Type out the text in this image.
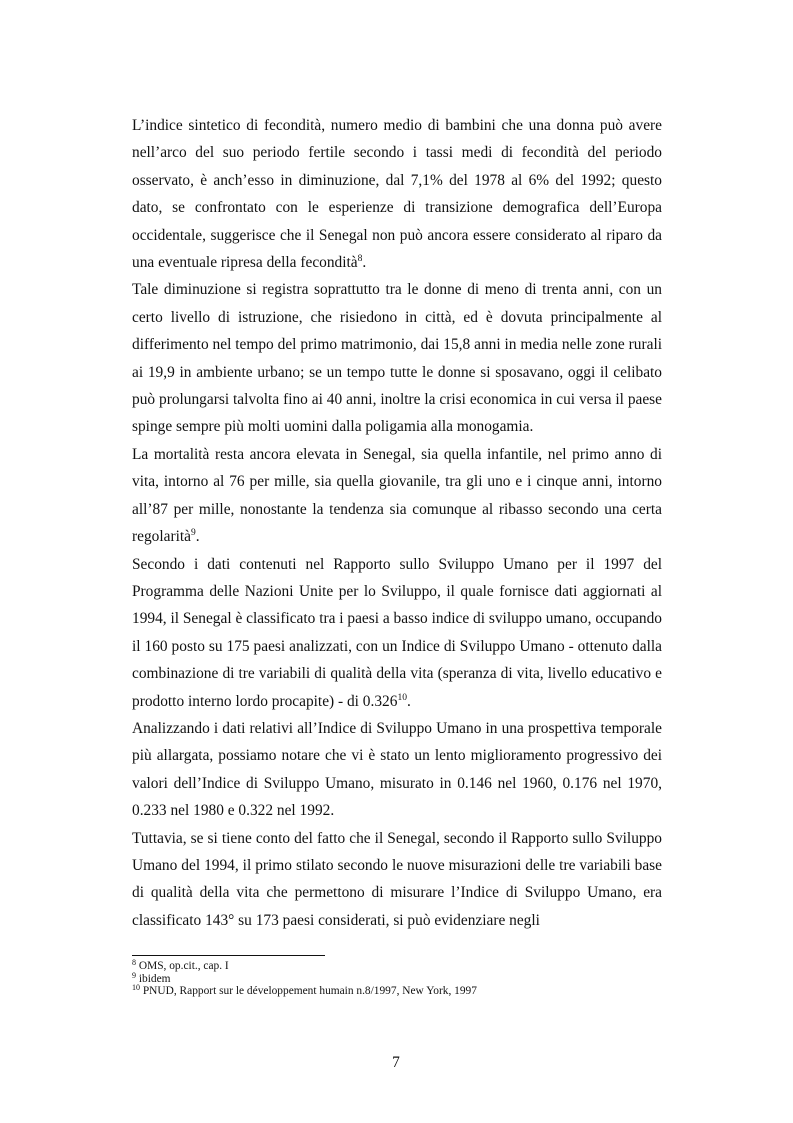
L’indice sintetico di fecondità, numero medio di bambini che una donna può avere nell’arco del suo periodo fertile secondo i tassi medi di fecondità del periodo osservato, è anch’esso in diminuzione, dal 7,1% del 1978 al 6% del 1992; questo dato, se confrontato con le esperienze di transizione demografica dell’Europa occidentale, suggerisce che il Senegal non può ancora essere considerato al riparo da una eventuale ripresa della fecondità$^8$.

Tale diminuzione si registra soprattutto tra le donne di meno di trenta anni, con un certo livello di istruzione, che risiedono in città, ed è dovuta principalmente al differimento nel tempo del primo matrimonio, dai 15,8 anni in media nelle zone rurali ai 19,9 in ambiente urbano; se un tempo tutte le donne si sposavano, oggi il celibato può prolungarsi talvolta fino ai 40 anni, inoltre la crisi economica in cui versa il paese spinge sempre più molti uomini dalla poligamia alla monogamia.

La mortalità resta ancora elevata in Senegal, sia quella infantile, nel primo anno di vita, intorno al 76 per mille, sia quella giovanile, tra gli uno e i cinque anni, intorno all’87 per mille, nonostante la tendenza sia comunque al ribasso secondo una certa regolarità$^9$.

Secondo i dati contenuti nel Rapporto sullo Sviluppo Umano per il 1997 del Programma delle Nazioni Unite per lo Sviluppo, il quale fornisce dati aggiornati al 1994, il Senegal è classificato tra i paesi a basso indice di sviluppo umano, occupando il 160 posto su 175 paesi analizzati, con un Indice di Sviluppo Umano - ottenuto dalla combinazione di tre variabili di qualità della vita (speranza di vita, livello educativo e prodotto interno lordo procapite) - di 0.326$^{10}$.

Analizzando i dati relativi all’Indice di Sviluppo Umano in una prospettiva temporale più allargata, possiamo notare che vi è stato un lento miglioramento progressivo dei valori dell’Indice di Sviluppo Umano, misurato in 0.146 nel 1960, 0.176 nel 1970, 0.233 nel 1980 e 0.322 nel 1992.

Tuttavia, se si tiene conto del fatto che il Senegal, secondo il Rapporto sullo Sviluppo Umano del 1994, il primo stilato secondo le nuove misurazioni delle tre variabili base di qualità della vita che permettono di misurare l’Indice di Sviluppo Umano, era classificato 143° su 173 paesi considerati, si può evidenziare negli

$^8$ OMS, op.cit., cap. I
$^9$ ibidem
$^{10}$ PNUD, Rapport sur le développement humain n.8/1997, New York, 1997
7
